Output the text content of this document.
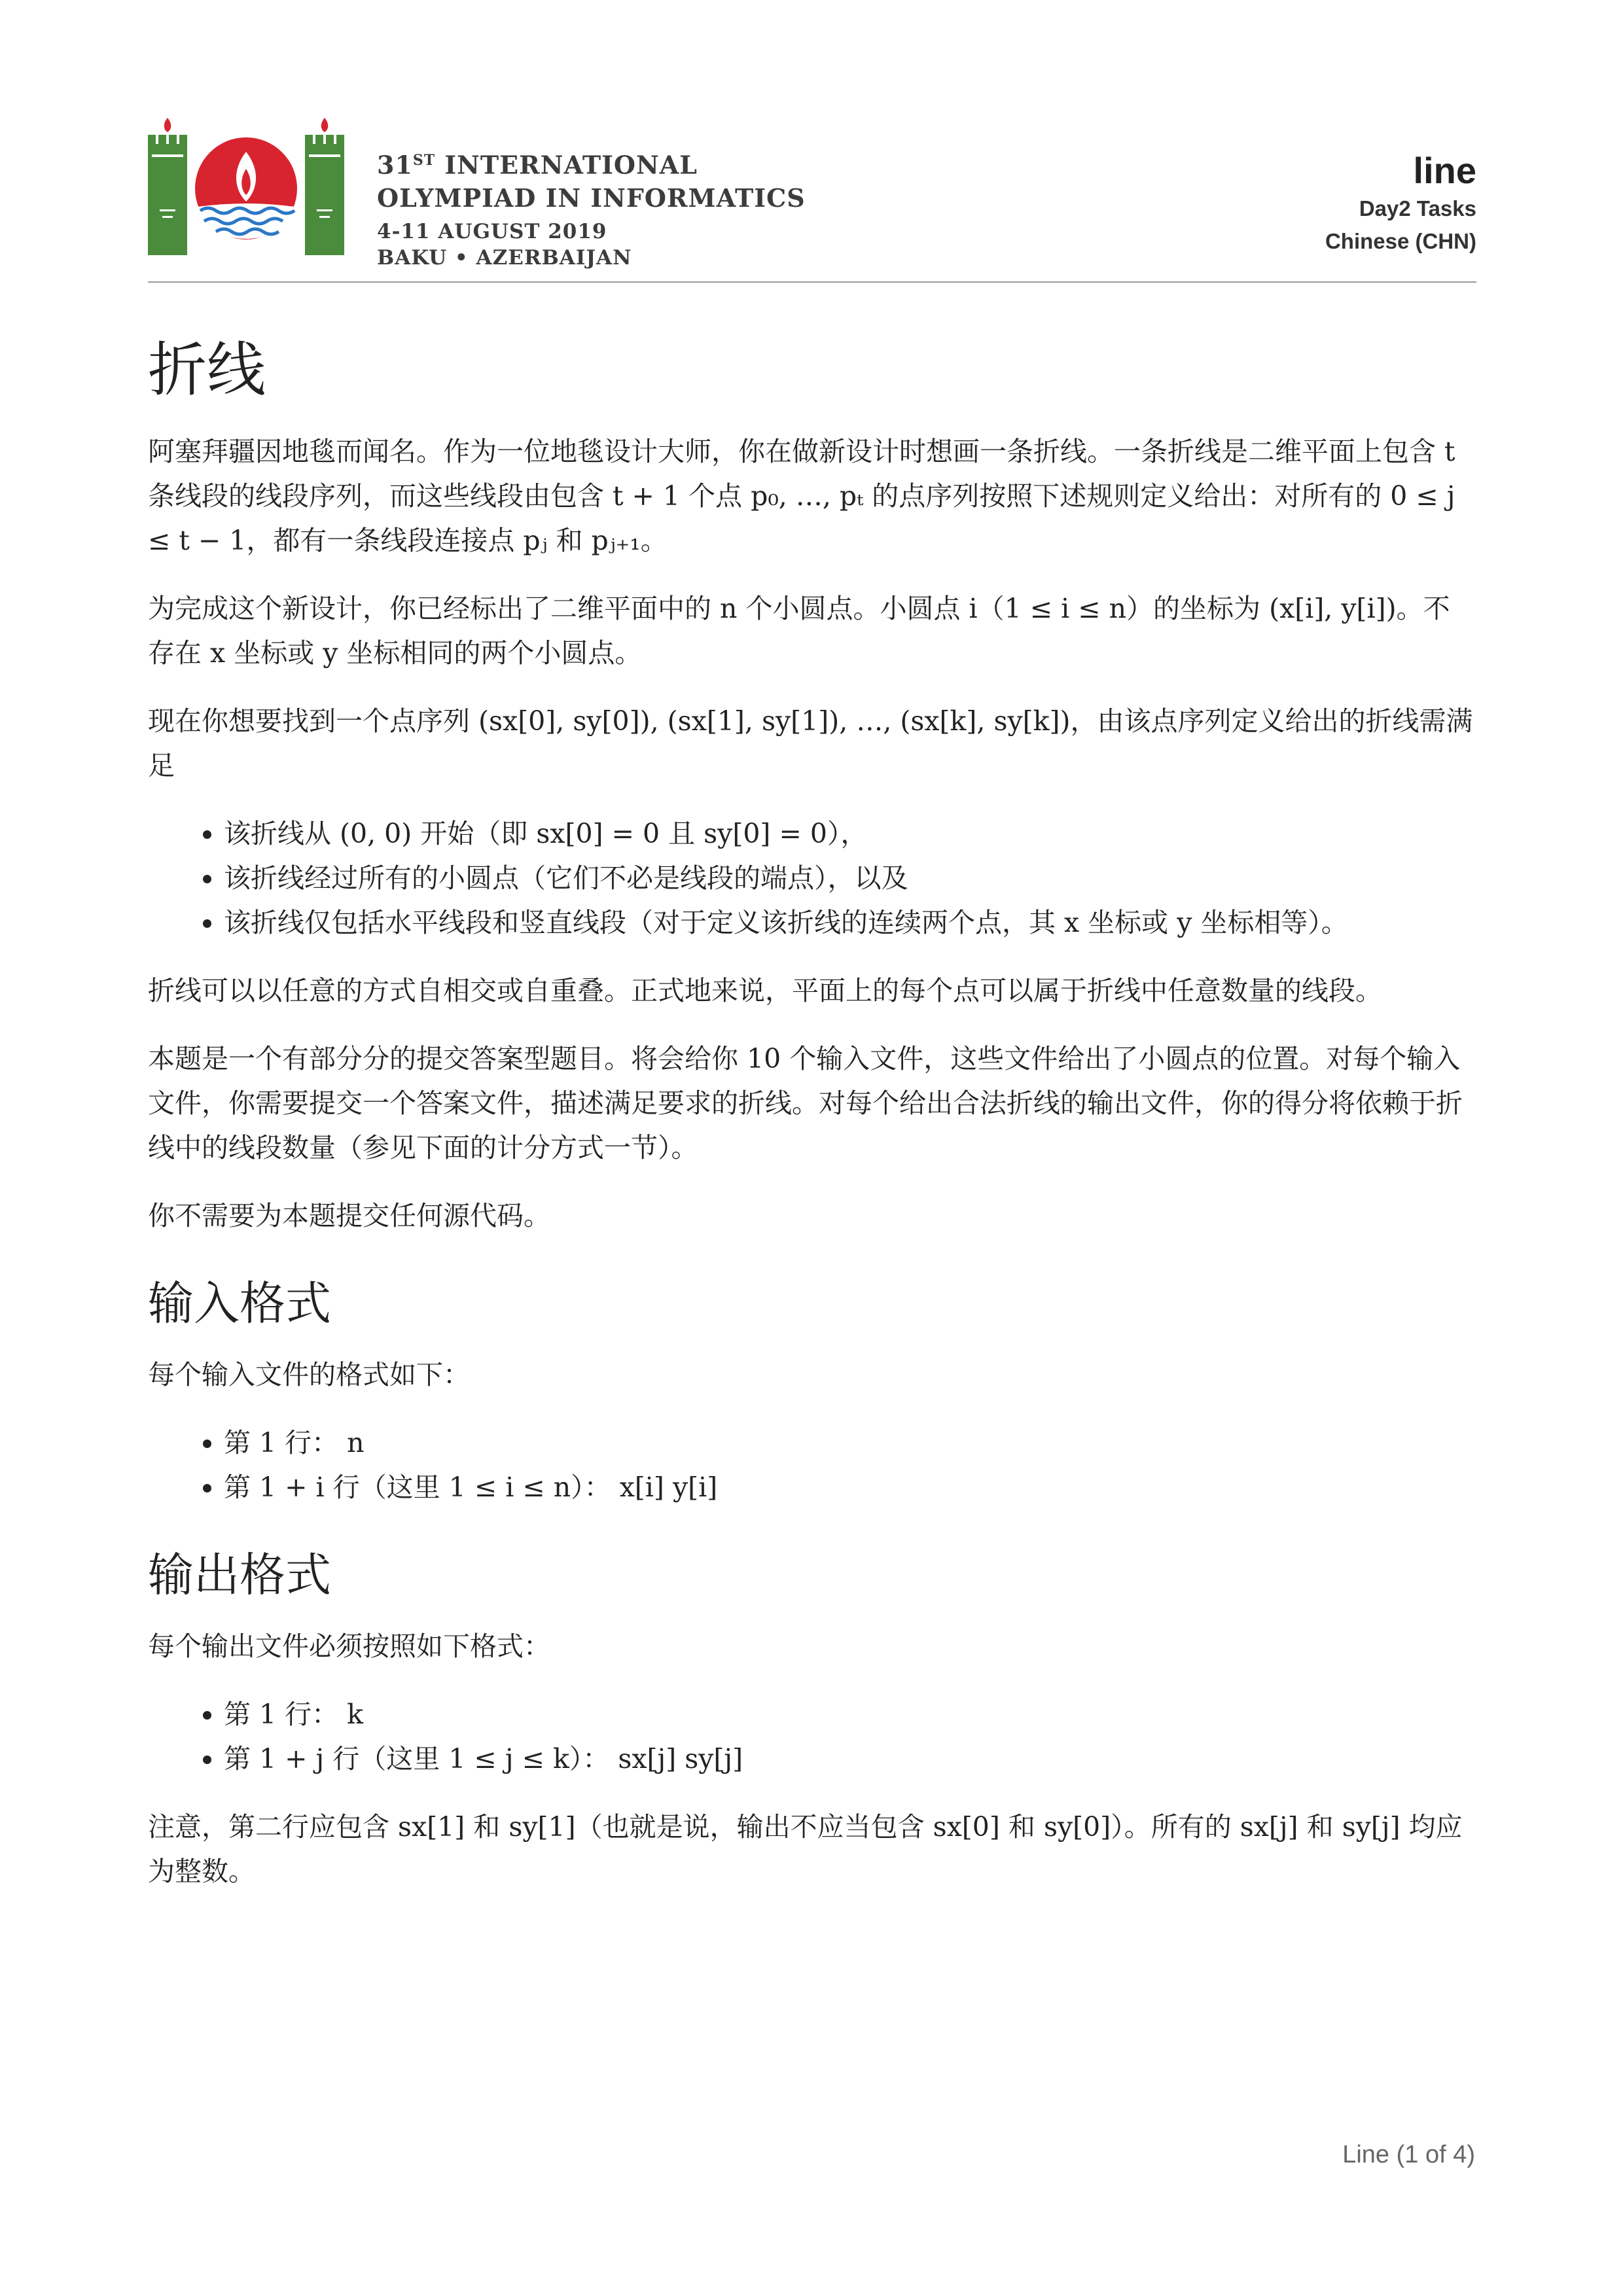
31ST INTERNATIONAL
OLYMPIAD IN INFORMATICS
4-11 AUGUST 2019
BAKU • AZERBAIJAN
line
Day2 Tasks
Chinese (CHN)
折线

阿塞拜疆因地毯而闻名。作为一位地毯设计大师，你在做新设计时想画一条折线。一条折线是二维平面上包含 t 条线段的线段序列，而这些线段由包含 t + 1 个点 p₀, …, pₜ 的点序列按照下述规则定义给出：对所有的 0 ≤ j ≤ t − 1，都有一条线段连接点 pⱼ 和 pⱼ₊₁。

为完成这个新设计，你已经标出了二维平面中的 n 个小圆点。小圆点 i（1 ≤ i ≤ n）的坐标为 (x[i], y[i])。不存在 x 坐标或 y 坐标相同的两个小圆点。

现在你想要找到一个点序列 (sx[0], sy[0]), (sx[1], sy[1]), …, (sx[k], sy[k])，由该点序列定义给出的折线需满足

• 该折线从 (0, 0) 开始（即 sx[0] = 0 且 sy[0] = 0），
• 该折线经过所有的小圆点（它们不必是线段的端点），以及
• 该折线仅包括水平线段和竖直线段（对于定义该折线的连续两个点，其 x 坐标或 y 坐标相等）。

折线可以以任意的方式自相交或自重叠。正式地来说，平面上的每个点可以属于折线中任意数量的线段。

本题是一个有部分分的提交答案型题目。将会给你 10 个输入文件，这些文件给出了小圆点的位置。对每个输入文件，你需要提交一个答案文件，描述满足要求的折线。对每个给出合法折线的输出文件，你的得分将依赖于折线中的线段数量（参见下面的计分方式一节）。

你不需要为本题提交任何源代码。

输入格式

每个输入文件的格式如下：

• 第 1 行： n
• 第 1 + i 行（这里 1 ≤ i ≤ n）： x[i] y[i]
输出格式

每个输出文件必须按照如下格式：

• 第 1 行： k
• 第 1 + j 行（这里 1 ≤ j ≤ k）： sx[j] sy[j]

注意，第二行应包含 sx[1] 和 sy[1]（也就是说，输出不应当包含 sx[0] 和 sy[0]）。所有的 sx[j] 和 sy[j] 均应为整数。

Line (1 of 4)
